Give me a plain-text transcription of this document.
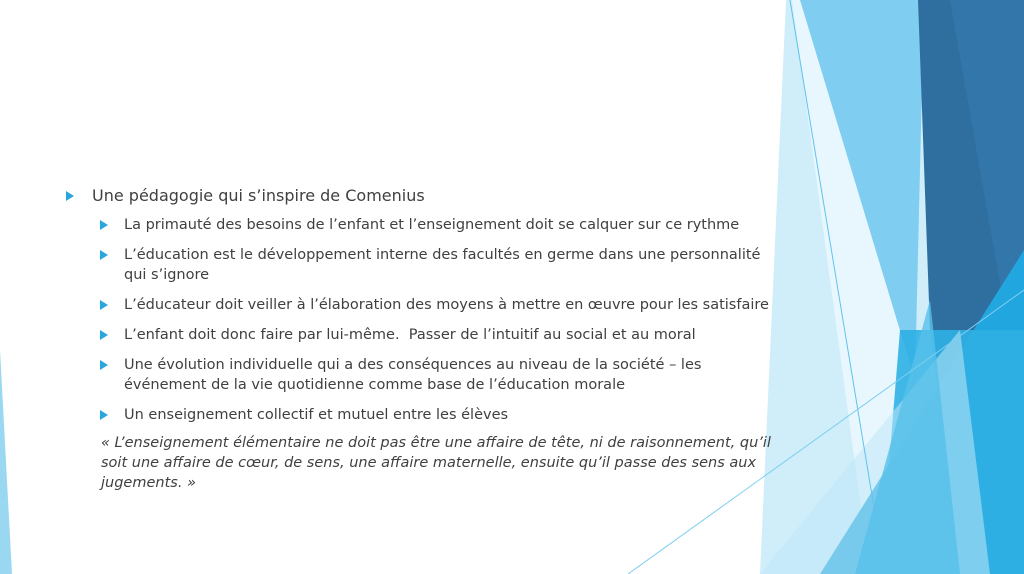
Une pédagogie qui s’inspire de Comenius
La primauté des besoins de l’enfant et l’enseignement doit se calquer sur ce rythme
L’éducation est le développement interne des facultés en germe dans une personnalité qui s’ignore
L’éducateur doit veiller à l’élaboration des moyens à mettre en œuvre pour les satisfaire
L’enfant doit donc faire par lui-même.  Passer de l’intuitif au social et au moral
Une évolution individuelle qui a des conséquences au niveau de la société – les événement de la vie quotidienne comme base de l’éducation morale
Un enseignement collectif et mutuel entre les élèves
« L’enseignement élémentaire ne doit pas être une affaire de tête, ni de raisonnement, qu’il soit une affaire de cœur, de sens, une affaire maternelle, ensuite qu’il passe des sens aux jugements. »
